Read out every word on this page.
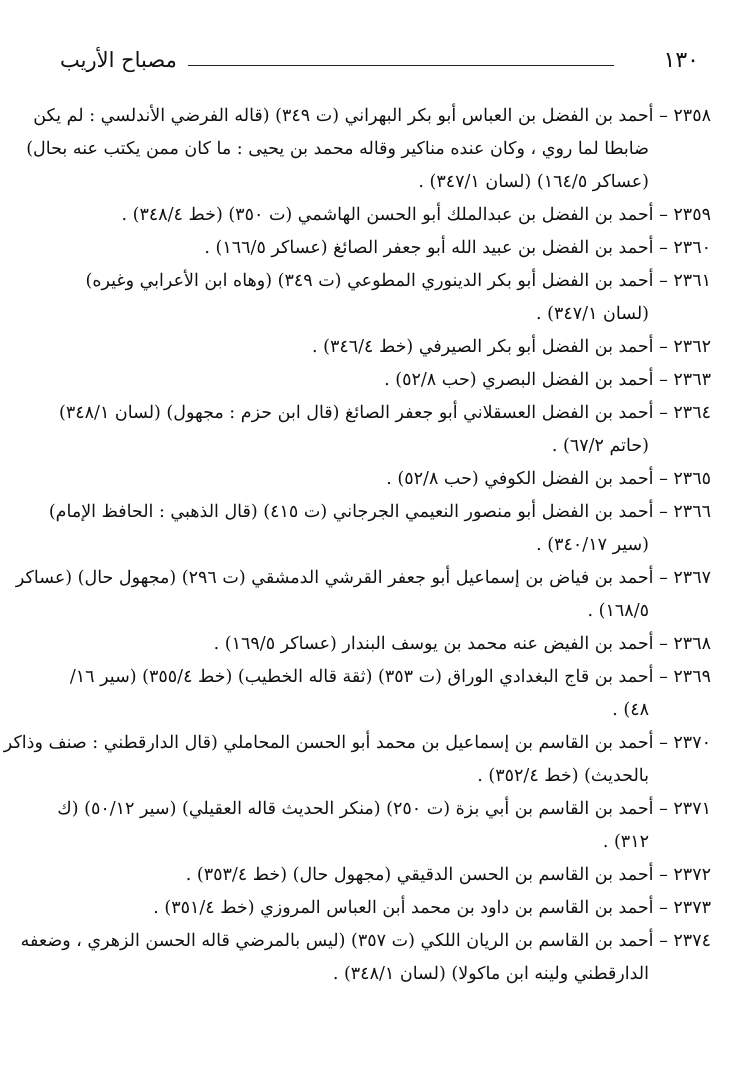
١٣٠
مصباح الأريب
٢٣٥٨ – أحمد بن الفضل بن العباس أبو بكر البهراني (ت ٣٤٩) (قاله الفرضي الأندلسي : لم يكن
ضابطا لما روي ، وكان عنده مناكير وقاله محمد بن يحيى : ما كان ممن يكتب عنه بحال)
(عساكر ١٦٤/٥) (لسان ٣٤٧/١) .
٢٣٥٩ – أحمد بن الفضل بن عبدالملك أبو الحسن الهاشمي (ت ٣٥٠) (خط ٣٤٨/٤) .
٢٣٦٠ – أحمد بن الفضل بن عبيد الله أبو جعفر الصائغ (عساكر ١٦٦/٥) .
٢٣٦١ – أحمد بن الفضل أبو بكر الدينوري المطوعي (ت ٣٤٩) (وهاه ابن الأعرابي وغيره)
(لسان ٣٤٧/١) .
٢٣٦٢ – أحمد بن الفضل أبو بكر الصيرفي (خط ٣٤٦/٤) .
٢٣٦٣ – أحمد بن الفضل البصري (حب ٥٢/٨) .
٢٣٦٤ – أحمد بن الفضل العسقلاني أبو جعفر الصائغ (قال ابن حزم : مجهول) (لسان ٣٤٨/١)
(حاتم ٦٧/٢) .
٢٣٦٥ – أحمد بن الفضل الكوفي (حب ٥٢/٨) .
٢٣٦٦ – أحمد بن الفضل أبو منصور النعيمي الجرجاني (ت ٤١٥) (قال الذهبي : الحافظ الإمام)
(سير ٣٤٠/١٧) .
٢٣٦٧ – أحمد بن فياض بن إسماعيل أبو جعفر القرشي الدمشقي (ت ٢٩٦) (مجهول حال) (عساكر
١٦٨/٥) .
٢٣٦٨ – أحمد بن الفيض عنه محمد بن يوسف البندار (عساكر ١٦٩/٥) .
٢٣٦٩ – أحمد بن قاج البغدادي الوراق (ت ٣٥٣) (ثقة قاله الخطيب) (خط ٣٥٥/٤) (سير ١٦/
٤٨) .
٢٣٧٠ – أحمد بن القاسم بن إسماعيل بن محمد أبو الحسن المحاملي (قال الدارقطني : صنف وذاكر
بالحديث) (خط ٣٥٢/٤) .
٢٣٧١ – أحمد بن القاسم بن أبي بزة (ت ٢٥٠) (منكر الحديث قاله العقيلي) (سير ٥٠/١٢) (ك
٣١٢) .
٢٣٧٢ – أحمد بن القاسم بن الحسن الدقيقي (مجهول حال) (خط ٣٥٣/٤) .
٢٣٧٣ – أحمد بن القاسم بن داود بن محمد أبن العباس المروزي (خط ٣٥١/٤) .
٢٣٧٤ – أحمد بن القاسم بن الريان اللكي (ت ٣٥٧) (ليس بالمرضي قاله الحسن الزهري ، وضعفه
الدارقطني ولينه ابن ماكولا) (لسان ٣٤٨/١) .
